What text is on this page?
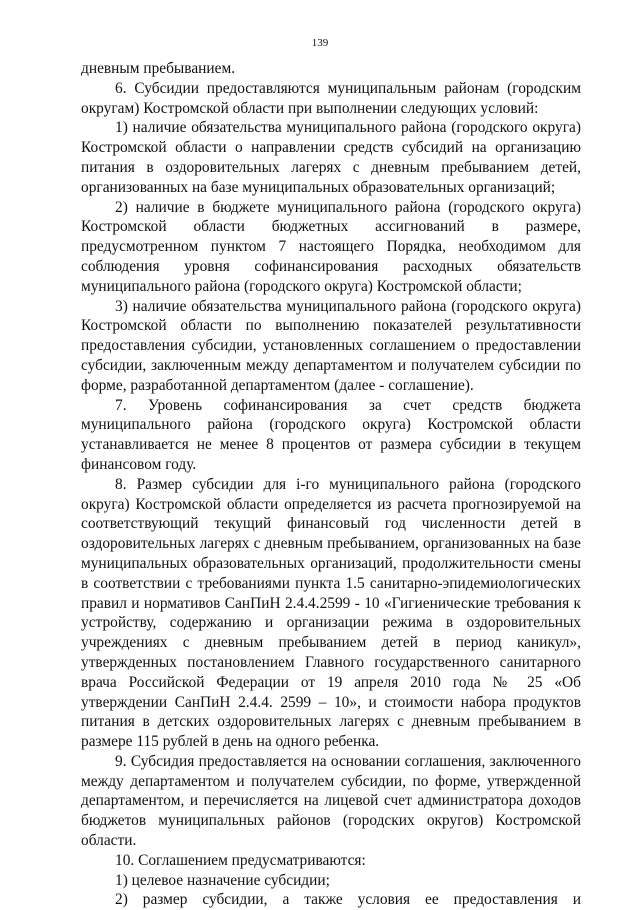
139

дневным пребыванием.

6. Субсидии предоставляются муниципальным районам (городским округам) Костромской области при выполнении следующих условий:

1) наличие обязательства муниципального района (городского округа) Костромской области о направлении средств субсидий на организацию питания в оздоровительных лагерях с дневным пребыванием детей, организованных на базе муниципальных образовательных организаций;

2) наличие в бюджете муниципального района (городского округа) Костромской области бюджетных ассигнований в размере, предусмотренном пунктом 7 настоящего Порядка, необходимом для соблюдения уровня софинансирования расходных обязательств муниципального района (городского округа) Костромской области;

3) наличие обязательства муниципального района (городского округа) Костромской области по выполнению показателей результативности предоставления субсидии, установленных соглашением о предоставлении субсидии, заключенным между департаментом и получателем субсидии по форме, разработанной департаментом (далее - соглашение).

7. Уровень софинансирования за счет средств бюджета муниципального района (городского округа) Костромской области устанавливается не менее 8 процентов от размера субсидии в текущем финансовом году.

8. Размер субсидии для i-го муниципального района (городского округа) Костромской области определяется из расчета прогнозируемой на соответствующий текущий финансовый год численности детей в оздоровительных лагерях с дневным пребыванием, организованных на базе муниципальных образовательных организаций, продолжительности смены в соответствии с требованиями пункта 1.5 санитарно-эпидемиологических правил и нормативов СанПиН 2.4.4.2599 - 10 «Гигиенические требования к устройству, содержанию и организации режима в оздоровительных учреждениях с дневным пребыванием детей в период каникул», утвержденных постановлением Главного государственного санитарного врача Российской Федерации от 19 апреля 2010 года № 25 «Об утверждении СанПиН 2.4.4. 2599 – 10», и стоимости набора продуктов питания в детских оздоровительных лагерях с дневным пребыванием в размере 115 рублей в день на одного ребенка.

9. Субсидия предоставляется на основании соглашения, заключенного между департаментом и получателем субсидии, по форме, утвержденной департаментом, и перечисляется на лицевой счет администратора доходов бюджетов муниципальных районов (городских округов) Костромской области.

10. Соглашением предусматриваются:

1) целевое назначение субсидии;

2) размер субсидии, а также условия ее предоставления и
